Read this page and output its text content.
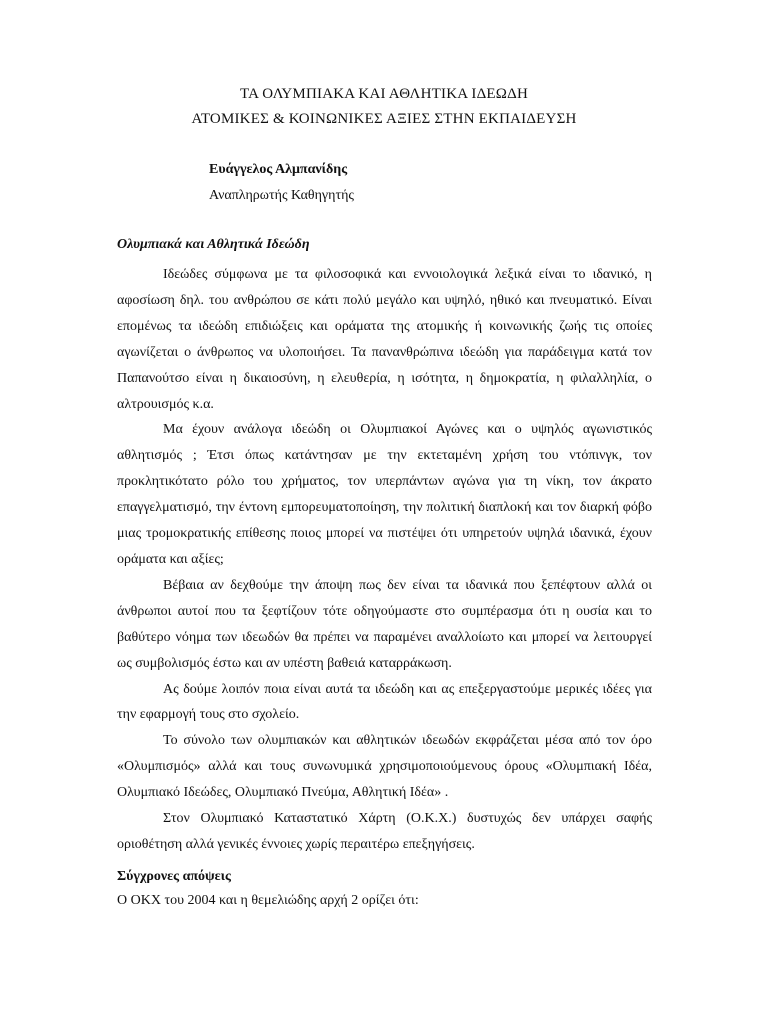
ΤΑ ΟΛΥΜΠΙΑΚΑ ΚΑΙ ΑΘΛΗΤΙΚΑ ΙΔΕΩΔΗ
ΑΤΟΜΙΚΕΣ & ΚΟΙΝΩΝΙΚΕΣ ΑΞΙΕΣ ΣΤΗΝ ΕΚΠΑΙΔΕΥΣΗ
Ευάγγελος Αλμπανίδης
Αναπληρωτής Καθηγητής
Ολυμπιακά και Αθλητικά Ιδεώδη

Ιδεώδες σύμφωνα με τα φιλοσοφικά και εννοιολογικά λεξικά είναι το ιδανικό, η αφοσίωση δηλ. του ανθρώπου σε κάτι πολύ μεγάλο και υψηλό, ηθικό και πνευματικό. Είναι επομένως τα ιδεώδη επιδιώξεις και οράματα της ατομικής ή κοινωνικής ζωής τις οποίες αγωνίζεται ο άνθρωπος να υλοποιήσει. Τα πανανθρώπινα ιδεώδη για παράδειγμα κατά τον Παπανούτσο είναι η δικαιοσύνη, η ελευθερία, η ισότητα, η δημοκρατία, η φιλαλληλία, ο αλτρουισμός κ.α.

Μα έχουν ανάλογα ιδεώδη οι Ολυμπιακοί Αγώνες και ο υψηλός αγωνιστικός αθλητισμός ; Έτσι όπως κατάντησαν με την εκτεταμένη χρήση του ντόπινγκ, τον προκλητικότατο ρόλο του χρήματος, τον υπερπάντων αγώνα για τη νίκη, τον άκρατο επαγγελματισμό, την έντονη εμπορευματοποίηση, την πολιτική διαπλοκή και τον διαρκή φόβο μιας τρομοκρατικής επίθεσης ποιος μπορεί να πιστέψει ότι υπηρετούν υψηλά ιδανικά, έχουν οράματα και αξίες;

Βέβαια αν δεχθούμε την άποψη πως δεν είναι τα ιδανικά που ξεπέφτουν αλλά οι άνθρωποι αυτοί που τα ξεφτίζουν τότε οδηγούμαστε στο συμπέρασμα ότι η ουσία και το βαθύτερο νόημα των ιδεωδών θα πρέπει να παραμένει αναλλοίωτο και μπορεί να λειτουργεί ως συμβολισμός έστω και αν υπέστη βαθειά καταρράκωση.

Ας δούμε λοιπόν ποια είναι αυτά τα ιδεώδη και ας επεξεργαστούμε μερικές ιδέες για την εφαρμογή τους στο σχολείο.

Το σύνολο των ολυμπιακών και αθλητικών ιδεωδών εκφράζεται μέσα από τον όρο «Ολυμπισμός» αλλά και τους συνωνυμικά χρησιμοποιούμενους όρους «Ολυμπιακή Ιδέα, Ολυμπιακό Ιδεώδες, Ολυμπιακό Πνεύμα, Αθλητική Ιδέα» .

Στον Ολυμπιακό Καταστατικό Χάρτη (Ο.Κ.Χ.) δυστυχώς δεν υπάρχει σαφής οριοθέτηση αλλά γενικές έννοιες χωρίς περαιτέρω επεξηγήσεις.

Σύγχρονες απόψεις
Ο ΟΚΧ του 2004 και η θεμελιώδης αρχή 2 ορίζει ότι:
